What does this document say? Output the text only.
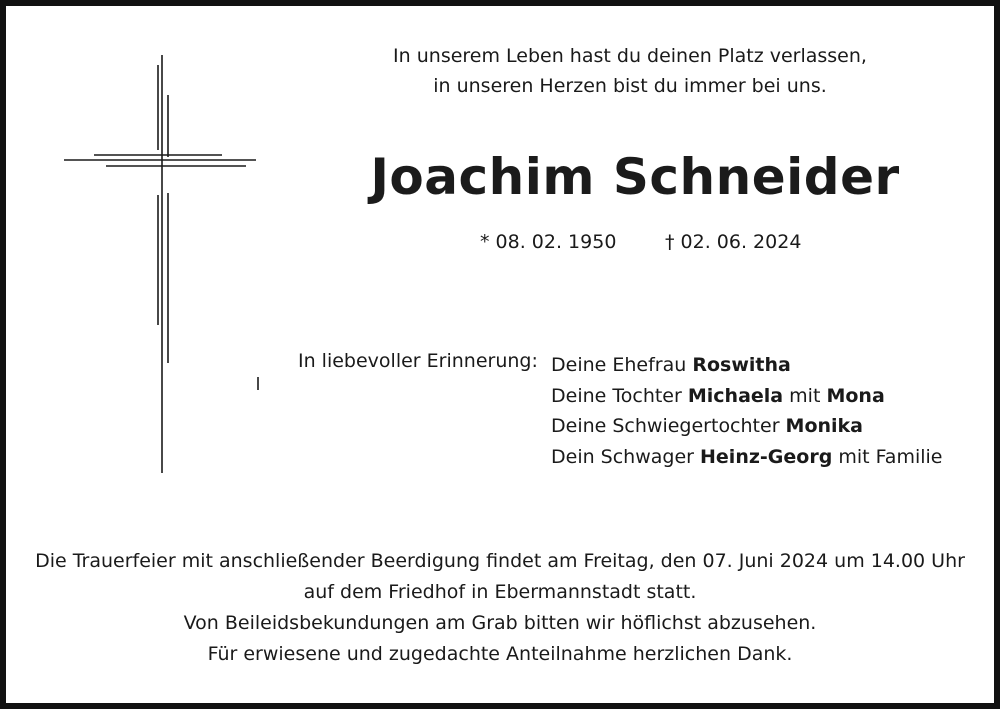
In unserem Leben hast du deinen Platz verlassen,
in unseren Herzen bist du immer bei uns.
Joachim Schneider
* 08. 02. 1950	† 02. 06. 2024
In liebevoller Erinnerung: Deine Ehefrau Roswitha
Deine Tochter Michaela mit Mona
Deine Schwiegertochter Monika
Dein Schwager Heinz-Georg mit Familie
Die Trauerfeier mit anschließender Beerdigung findet am Freitag, den 07. Juni 2024 um 14.00 Uhr
auf dem Friedhof in Ebermannstadt statt.
Von Beileidsbekundungen am Grab bitten wir höflichst abzusehen.
Für erwiesene und zugedachte Anteilnahme herzlichen Dank.
